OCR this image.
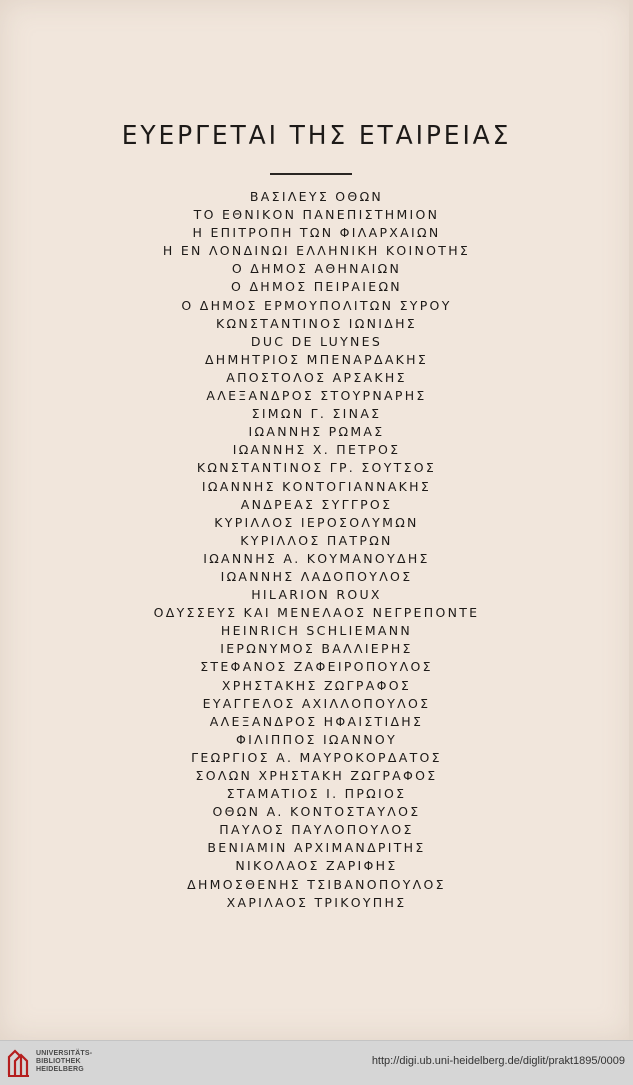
ΕΥΕΡΓΕΤΑΙ ΤΗΣ ΕΤΑΙΡΕΙΑΣ
ΒΑΣΙΛΕΥΣ ΟΘΩΝ
ΤΟ ΕΘΝΙΚΟΝ ΠΑΝΕΠΙΣΤΗΜΙΟΝ
Η ΕΠΙΤΡΟΠΗ ΤΩΝ ΦΙΛΑΡΧΑΙΩΝ
Η ΕΝ ΛΟΝΔΙΝΩΙ ΕΛΛΗΝΙΚΗ ΚΟΙΝΟΤΗΣ
Ο ΔΗΜΟΣ ΑΘΗΝΑΙΩΝ
Ο ΔΗΜΟΣ ΠΕΙΡΑΙΕΩΝ
Ο ΔΗΜΟΣ ΕΡΜΟΥΠΟΛΙΤΩΝ ΣΥΡΟΥ
ΚΩΝΣΤΑΝΤΙΝΟΣ ΙΩΝΙΔΗΣ
DUC DE LUYNES
ΔΗΜΗΤΡΙΟΣ ΜΠΕΝΑΡΔΑΚΗΣ
ΑΠΟΣΤΟΛΟΣ ΑΡΣΑΚΗΣ
ΑΛΕΞΑΝΔΡΟΣ ΣΤΟΥΡΝΑΡΗΣ
ΣΙΜΩΝ Γ. ΣΙΝΑΣ
ΙΩΑΝΝΗΣ ΡΩΜΑΣ
ΙΩΑΝΝΗΣ Χ. ΠΕΤΡΟΣ
ΚΩΝΣΤΑΝΤΙΝΟΣ ΓΡ. ΣΟΥΤΣΟΣ
ΙΩΑΝΝΗΣ ΚΟΝΤΟΓΙΑΝΝΑΚΗΣ
ΑΝΔΡΕΑΣ ΣΥΓΓΡΟΣ
ΚΥΡΙΛΛΟΣ ΙΕΡΟΣΟΛΥΜΩΝ
ΚΥΡΙΛΛΟΣ ΠΑΤΡΩΝ
ΙΩΑΝΝΗΣ Α. ΚΟΥΜΑΝΟΥΔΗΣ
ΙΩΑΝΝΗΣ ΛΑΔΟΠΟΥΛΟΣ
HILARION ROUX
ΟΔΥΣΣΕΥΣ ΚΑΙ ΜΕΝΕΛΑΟΣ ΝΕΓΡΕΠΟΝΤΕ
HEINRICH SCHLIEMANN
ΙΕΡΩΝΥΜΟΣ ΒΑΛΛΙΕΡΗΣ
ΣΤΕΦΑΝΟΣ ΖΑΦΕΙΡΟΠΟΥΛΟΣ
ΧΡΗΣΤΑΚΗΣ ΖΩΓΡΑΦΟΣ
ΕΥΑΓΓΕΛΟΣ ΑΧΙΛΛΟΠΟΥΛΟΣ
ΑΛΕΞΑΝΔΡΟΣ ΗΦΑΙΣΤΙΔΗΣ
ΦΙΛΙΠΠΟΣ ΙΩΑΝΝΟΥ
ΓΕΩΡΓΙΟΣ Α. ΜΑΥΡΟΚΟΡΔΑΤΟΣ
ΣΟΛΩΝ ΧΡΗΣΤΑΚΗ ΖΩΓΡΑΦΟΣ
ΣΤΑΜΑΤΙΟΣ Ι. ΠΡΩΙΟΣ
ΟΘΩΝ Α. ΚΟΝΤΟΣΤΑΥΛΟΣ
ΠΑΥΛΟΣ ΠΑΥΛΟΠΟΥΛΟΣ
ΒΕΝΙΑΜΙΝ ΑΡΧΙΜΑΝΔΡΙΤΗΣ
ΝΙΚΟΛΑΟΣ ΖΑΡΙΦΗΣ
ΔΗΜΟΣΘΕΝΗΣ ΤΣΙΒΑΝΟΠΟΥΛΟΣ
ΧΑΡΙΛΑΟΣ ΤΡΙΚΟΥΠΗΣ
UNIVERSITÄTS-
BIBLIOTHEK
HEIDELBERG
http://digi.ub.uni-heidelberg.de/diglit/prakt1895/0009
